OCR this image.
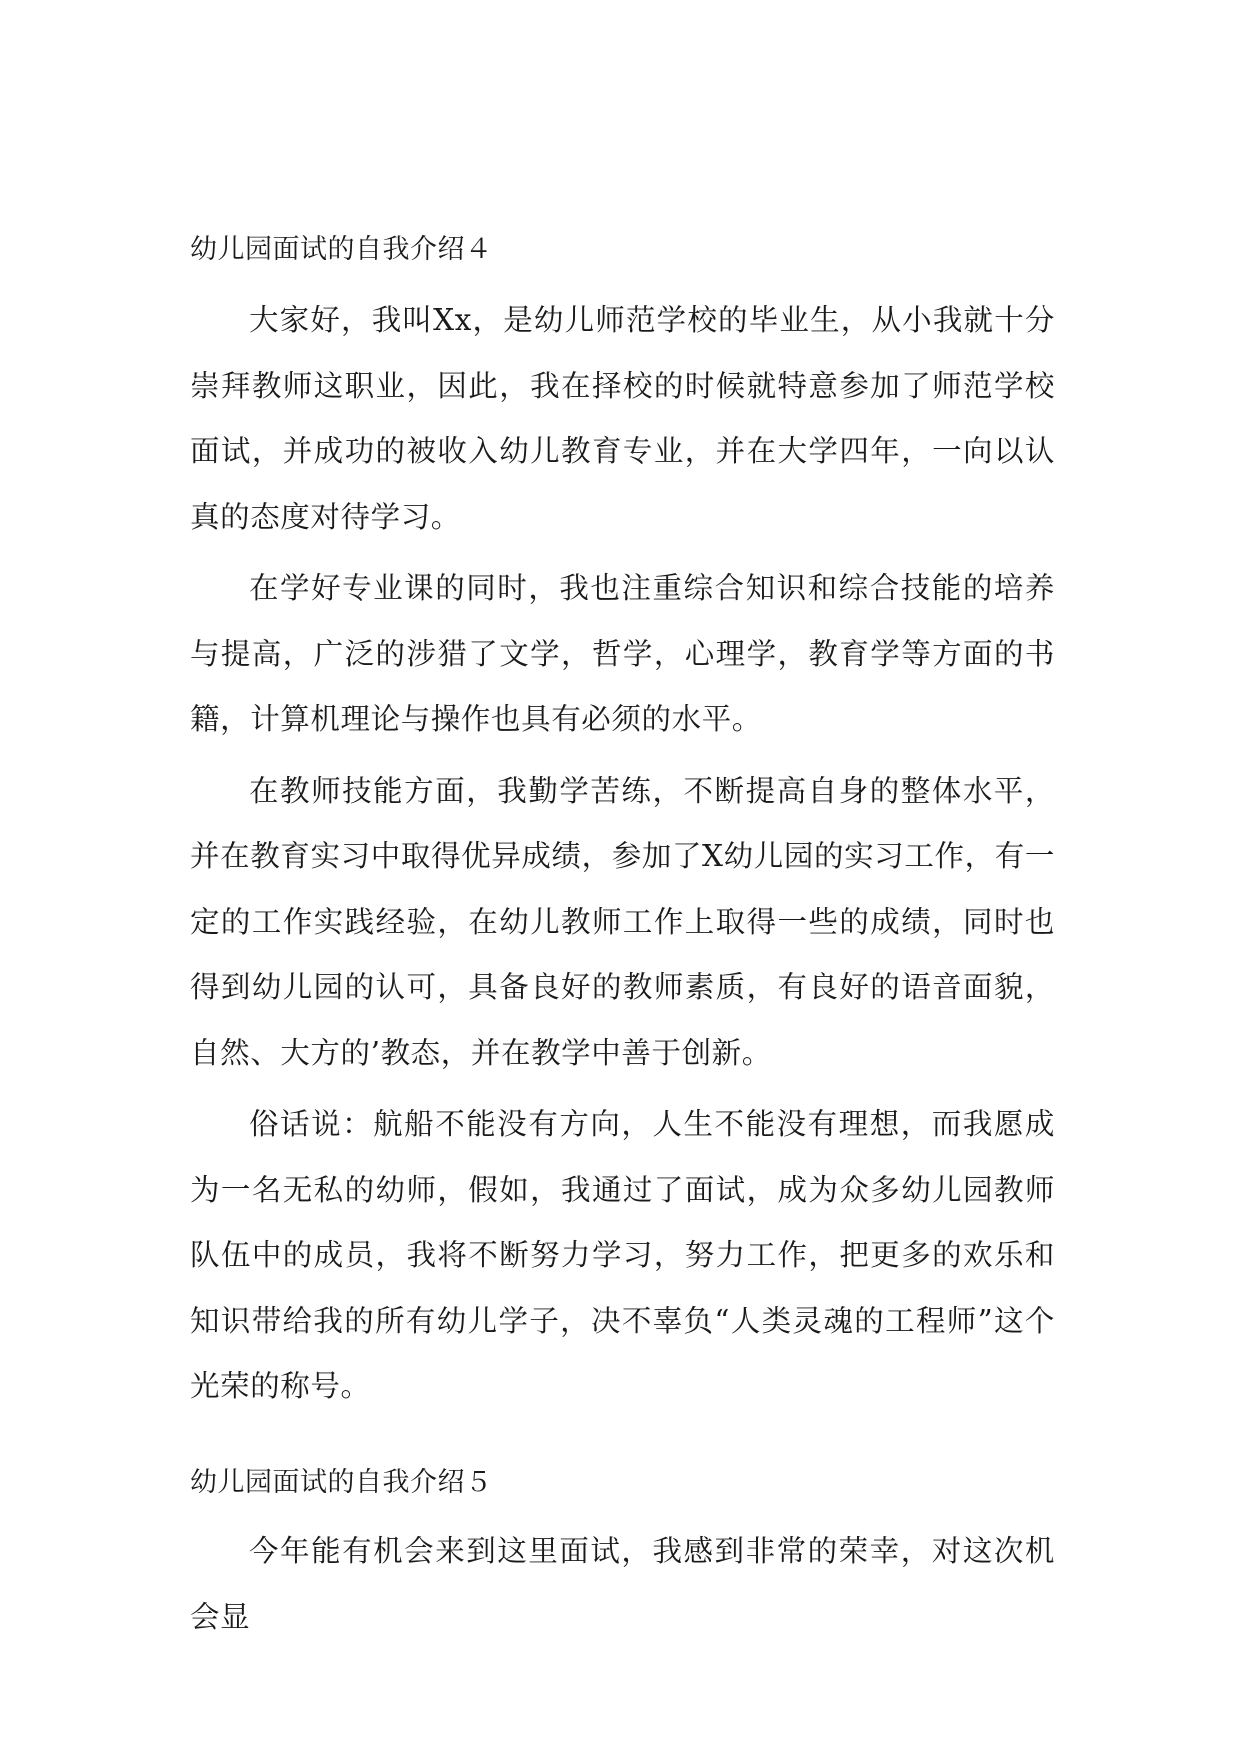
幼儿园面试的自我介绍４

大家好，我叫Xx，是幼儿师范学校的毕业生，从小我就十分崇拜教师这职业，因此，我在择校的时候就特意参加了师范学校面试，并成功的被收入幼儿教育专业，并在大学四年，一向以认真的态度对待学习。

在学好专业课的同时，我也注重综合知识和综合技能的培养与提高，广泛的涉猎了文学，哲学，心理学，教育学等方面的书籍，计算机理论与操作也具有必须的水平。

在教师技能方面，我勤学苦练，不断提高自身的整体水平，并在教育实习中取得优异成绩，参加了X幼儿园的实习工作，有一定的工作实践经验，在幼儿教师工作上取得一些的成绩，同时也得到幼儿园的认可，具备良好的教师素质，有良好的语音面貌，自然、大方的’教态，并在教学中善于创新。

俗话说：航船不能没有方向，人生不能没有理想，而我愿成为一名无私的幼师，假如，我通过了面试，成为众多幼儿园教师队伍中的成员，我将不断努力学习，努力工作，把更多的欢乐和知识带给我的所有幼儿学子，决不辜负“人类灵魂的工程师”这个光荣的称号。

幼儿园面试的自我介绍５

今年能有机会来到这里面试，我感到非常的荣幸，对这次机会显
